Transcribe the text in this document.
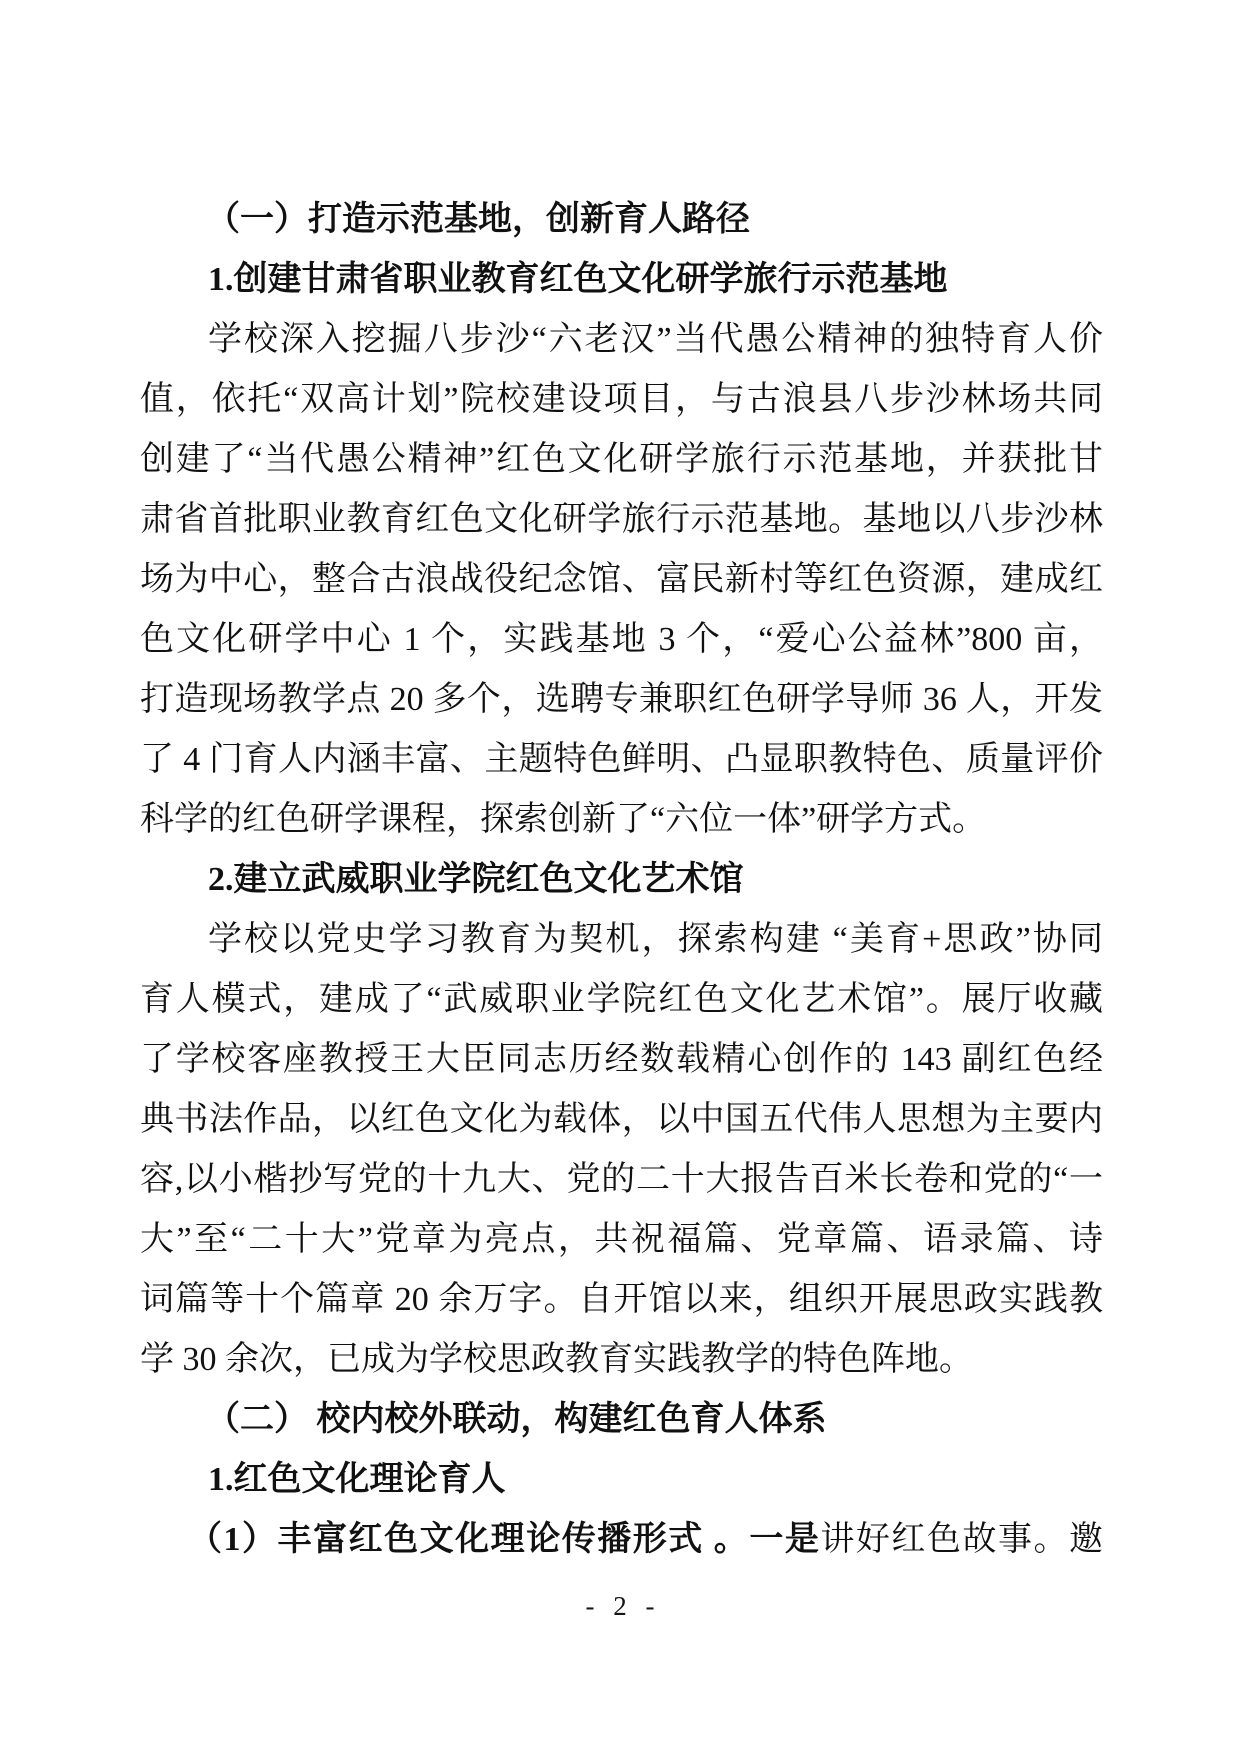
（一）打造示范基地，创新育人路径
1.创建甘肃省职业教育红色文化研学旅行示范基地
学校深入挖掘八步沙“六老汉”当代愚公精神的独特育人价
值，依托“双高计划”院校建设项目，与古浪县八步沙林场共同
创建了“当代愚公精神”红色文化研学旅行示范基地，并获批甘
肃省首批职业教育红色文化研学旅行示范基地。基地以八步沙林
场为中心，整合古浪战役纪念馆、富民新村等红色资源，建成红
色文化研学中心 1 个，实践基地 3 个，“爱心公益林”800 亩，
打造现场教学点 20 多个，选聘专兼职红色研学导师 36 人，开发
了 4 门育人内涵丰富、主题特色鲜明、凸显职教特色、质量评价
科学的红色研学课程，探索创新了“六位一体”研学方式。
2.建立武威职业学院红色文化艺术馆
学校以党史学习教育为契机，探索构建 “美育+思政”协同
育人模式，建成了“武威职业学院红色文化艺术馆”。展厅收藏
了学校客座教授王大臣同志历经数载精心创作的 143 副红色经
典书法作品，以红色文化为载体，以中国五代伟人思想为主要内
容,以小楷抄写党的十九大、党的二十大报告百米长卷和党的“一
大”至“二十大”党章为亮点，共祝福篇、党章篇、语录篇、诗
词篇等十个篇章 20 余万字。自开馆以来，组织开展思政实践教
学 30 余次，已成为学校思政教育实践教学的特色阵地。
（二） 校内校外联动，构建红色育人体系
1.红色文化理论育人
（1）丰富红色文化理论传播形式 。一是讲好红色故事。邀
- 2 -
